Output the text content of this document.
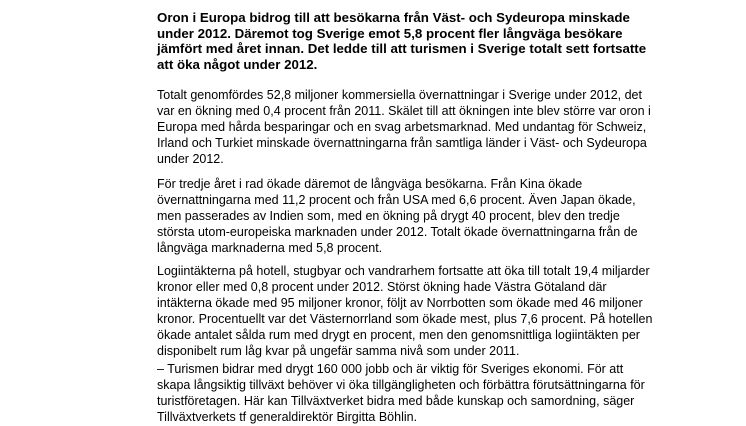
Oron i Europa bidrog till att besökarna från Väst- och Sydeuropa minskade under 2012. Däremot tog Sverige emot 5,8 procent fler långväga besökare jämfört med året innan. Det ledde till att turismen i Sverige totalt sett fortsatte att öka något under 2012.

Totalt genomfördes 52,8 miljoner kommersiella övernattningar i Sverige under 2012, det var en ökning med 0,4 procent från 2011. Skälet till att ökningen inte blev större var oron i Europa med hårda besparingar och en svag arbetsmarknad. Med undantag för Schweiz, Irland och Turkiet minskade övernattningarna från samtliga länder i Väst- och Sydeuropa under 2012.

För tredje året i rad ökade däremot de långväga besökarna. Från Kina ökade övernattningarna med 11,2 procent och från USA med 6,6 procent. Även Japan ökade, men passerades av Indien som, med en ökning på drygt 40 procent, blev den tredje största utom-europeiska marknaden under 2012. Totalt ökade övernattningarna från de långväga marknaderna med 5,8 procent.

Logiintäkterna på hotell, stugbyar och vandrarhem fortsatte att öka till totalt 19,4 miljarder kronor eller med 0,8 procent under 2012. Störst ökning hade Västra Götaland där intäkterna ökade med 95 miljoner kronor, följt av Norrbotten som ökade med 46 miljoner kronor. Procentuellt var det Västernorrland som ökade mest, plus 7,6 procent. På hotellen ökade antalet sålda rum med drygt en procent, men den genomsnittliga logiintäkten per disponibelt rum låg kvar på ungefär samma nivå som under 2011.

– Turismen bidrar med drygt 160 000 jobb och är viktig för Sveriges ekonomi. För att skapa långsiktig tillväxt behöver vi öka tillgängligheten och förbättra förutsättningarna för turistföretagen. Här kan Tillväxtverket bidra med både kunskap och samordning, säger Tillväxtverkets tf generaldirektör Birgitta Böhlin.
